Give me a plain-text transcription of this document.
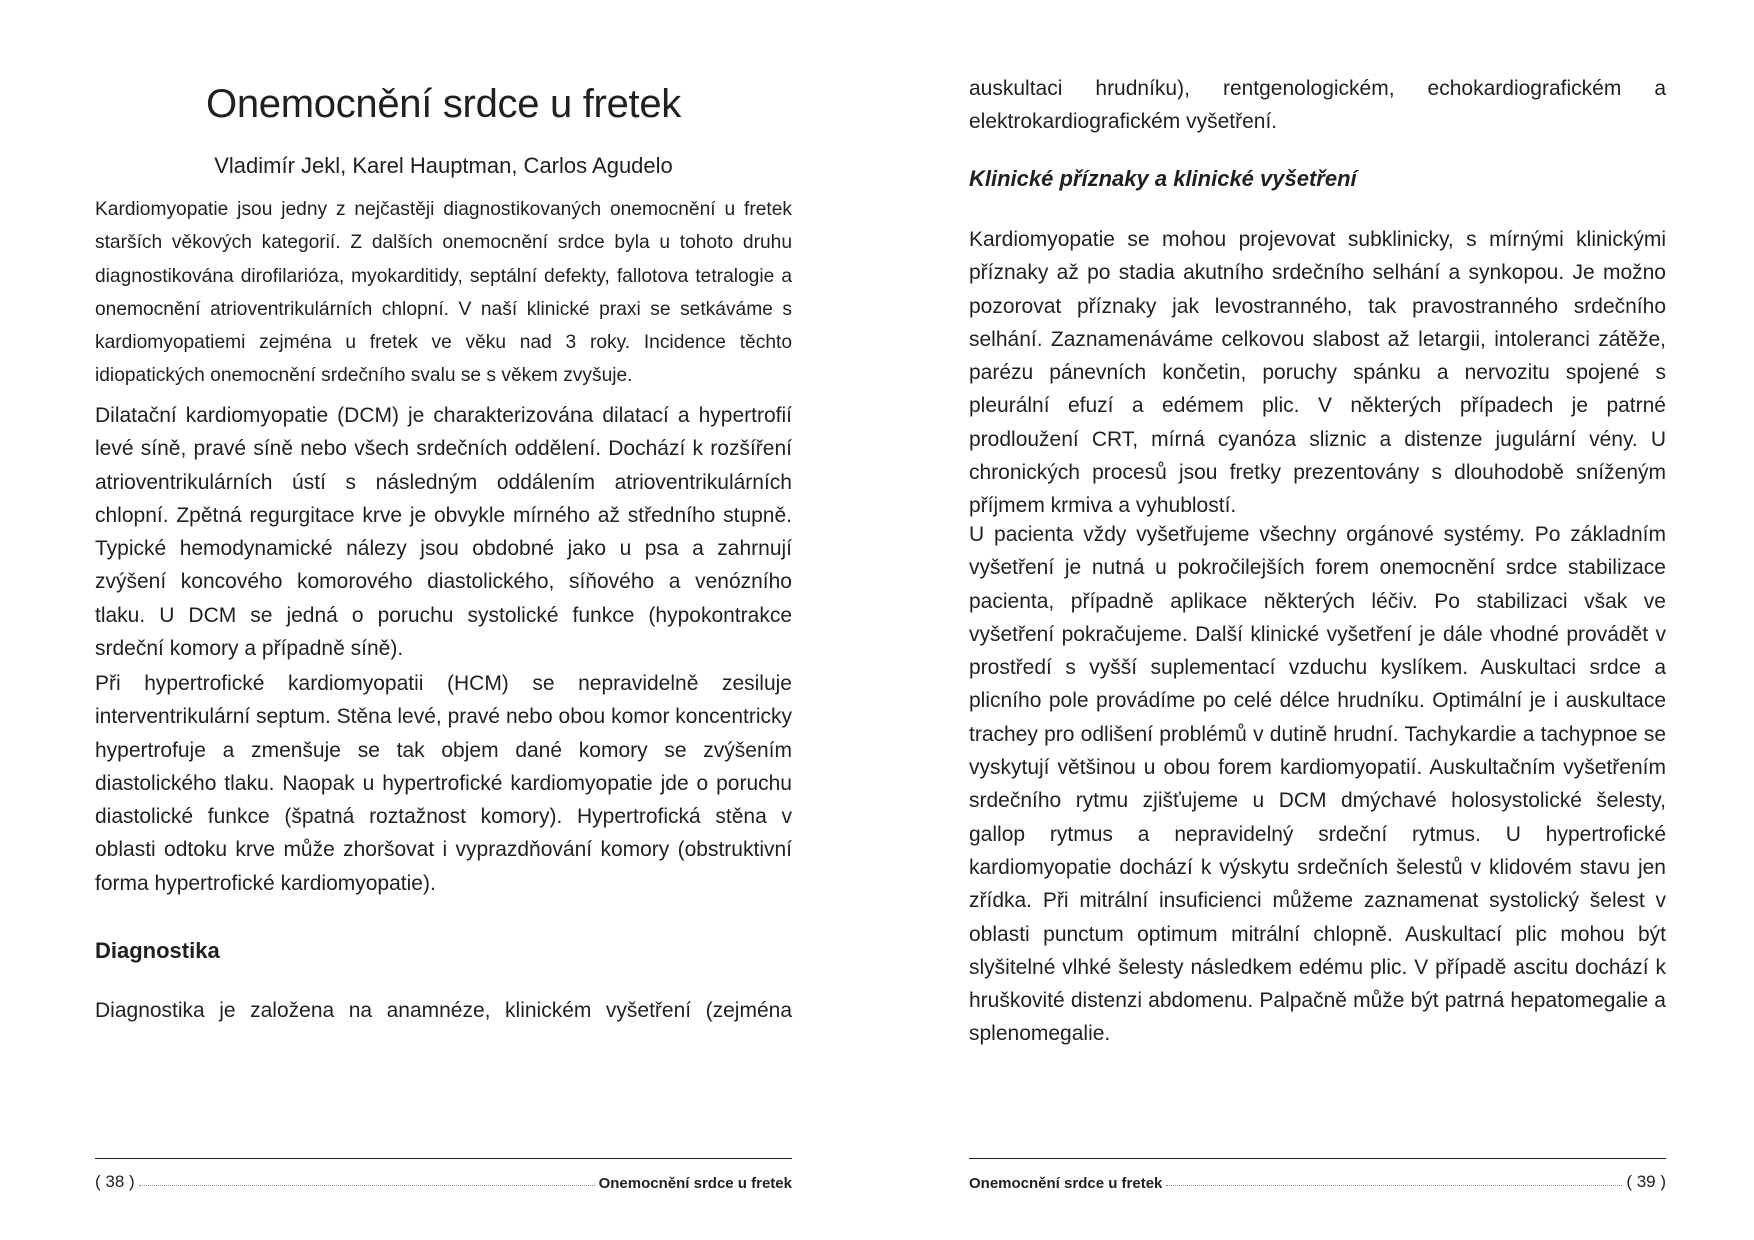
Onemocnění srdce u fretek
Vladimír Jekl, Karel Hauptman, Carlos Agudelo

Kardiomyopatie jsou jedny z nejčastěji diagnostikovaných onemocnění u fretek starších věkových kategorií. Z dalších onemocnění srdce byla u tohoto druhu diagnostikována dirofilarióza, myokarditidy, septální defekty, fallotova tetralogie a onemocnění atrioventrikulárních chlopní. V naší klinické praxi se setkáváme s kardiomyopatiemi zejména u fretek ve věku nad 3 roky. Incidence těchto idiopatických onemocnění srdečního svalu se s věkem zvyšuje.

Dilatační kardiomyopatie (DCM) je charakterizována dilatací a hypertrofií levé síně, pravé síně nebo všech srdečních oddělení. Dochází k rozšíření atrioventrikulárních ústí s následným oddálením atrioventrikulárních chlopní. Zpětná regurgitace krve je obvykle mírného až středního stupně. Typické hemodynamické nálezy jsou obdobné jako u psa a zahrnují zvýšení koncového komorového diastolického, síňového a venózního tlaku. U DCM se jedná o poruchu systolické funkce (hypokontrakce srdeční komory a případně síně).

Při hypertrofické kardiomyopatii (HCM) se nepravidelně zesiluje interventrikulární septum. Stěna levé, pravé nebo obou komor koncentricky hypertrofuje a zmenšuje se tak objem dané komory se zvýšením diastolického tlaku. Naopak u hypertrofické kardiomyopatie jde o poruchu diastolické funkce (špatná roztažnost komory). Hypertrofická stěna v oblasti odtoku krve může zhoršovat i vyprazdňování komory (obstruktivní forma hypertrofické kardiomyopatie).

Diagnostika

Diagnostika je založena na anamnéze, klinickém vyšetření (zejména

( 38 )	Onemocnění srdce u fretek

auskultaci hrudníku), rentgenologickém, echokardiografickém a elektrokardiografickém vyšetření.

Klinické příznaky a klinické vyšetření

Kardiomyopatie se mohou projevovat subklinicky, s mírnými klinickými příznaky až po stadia akutního srdečního selhání a synkopou. Je možno pozorovat příznaky jak levostranného, tak pravostranného srdečního selhání. Zaznamenáváme celkovou slabost až letargii, intoleranci zátěže, parézu pánevních končetin, poruchy spánku a nervozitu spojené s pleurální efuzí a edémem plic. V některých případech je patrné prodloužení CRT, mírná cyanóza sliznic a distenze jugulární vény. U chronických procesů jsou fretky prezentovány s dlouhodobě sníženým příjmem krmiva a vyhublostí.

U pacienta vždy vyšetřujeme všechny orgánové systémy. Po základním vyšetření je nutná u pokročilejších forem onemocnění srdce stabilizace pacienta, případně aplikace některých léčiv. Po stabilizaci však ve vyšetření pokračujeme. Další klinické vyšetření je dále vhodné provádět v prostředí s vyšší suplementací vzduchu kyslíkem. Auskultaci srdce a plicního pole provádíme po celé délce hrudníku. Optimální je i auskultace trachey pro odlišení problémů v dutině hrudní. Tachykardie a tachypnoe se vyskytují většinou u obou forem kardiomyopatií. Auskultačním vyšetřením srdečního rytmu zjišťujeme u DCM dmýchavé holosystolické šelesty, gallop rytmus a nepravidelný srdeční rytmus. U hypertrofické kardiomyopatie dochází k výskytu srdečních šelestů v klidovém stavu jen zřídka. Při mitrální insuficienci můžeme zaznamenat systolický šelest v oblasti punctum optimum mitrální chlopně. Auskultací plic mohou být slyšitelné vlhké šelesty následkem edému plic. V případě ascitu dochází k hruškovité distenzi abdomenu. Palpačně může být patrná hepatomegalie a splenomegalie.

Onemocnění srdce u fretek	( 39 )
